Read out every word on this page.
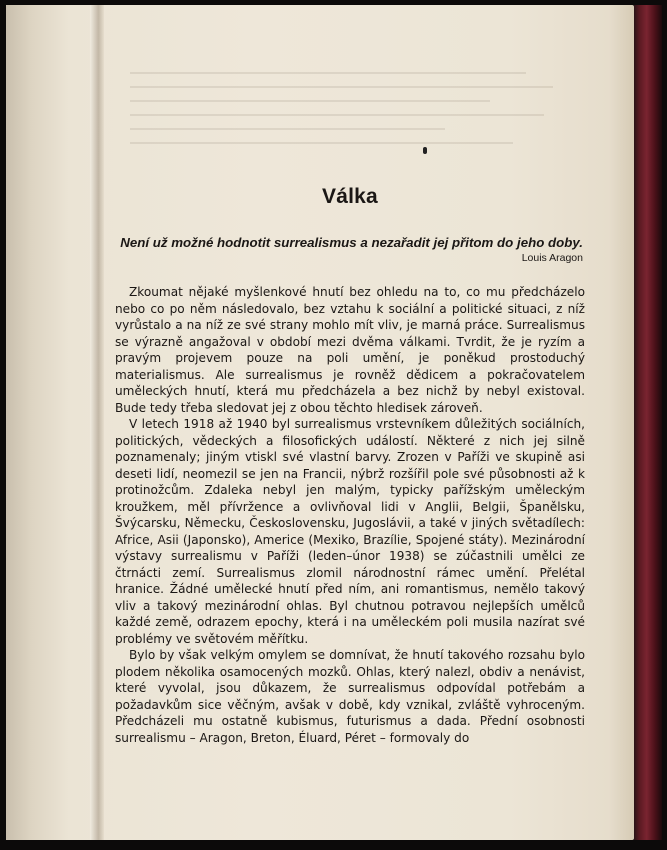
Válka

Není už možné hodnotit surrealismus a nezařadit jej přitom do jeho doby.

Louis Aragon

Zkoumat nějaké myšlenkové hnutí bez ohledu na to, co mu předcházelo nebo co po něm následovalo, bez vztahu k sociální a politické situaci, z níž vyrůstalo a na níž ze své strany mohlo mít vliv, je marná práce. Surrealismus se výrazně angažoval v období mezi dvěma válkami. Tvrdit, že je ryzím a pravým projevem pouze na poli umění, je poněkud prostoduchý materialismus. Ale surrealismus je rovněž dědicem a pokračovatelem uměleckých hnutí, která mu předcházela a bez nichž by nebyl existoval. Bude tedy třeba sledovat jej z obou těchto hledisek zároveň.

V letech 1918 až 1940 byl surrealismus vrstevníkem důležitých sociálních, politických, vědeckých a filosofických událostí. Některé z nich jej silně poznamenaly; jiným vtiskl své vlastní barvy. Zrozen v Paříži ve skupině asi deseti lidí, neomezil se jen na Francii, nýbrž rozšířil pole své působnosti až k protinožcům. Zdaleka nebyl jen malým, typicky pařížským uměleckým kroužkem, měl přívržence a ovlivňoval lidi v Anglii, Belgii, Španělsku, Švýcarsku, Německu, Československu, Jugoslávii, a také v jiných světadílech: Africe, Asii (Japonsko), Americe (Mexiko, Brazílie, Spojené státy). Mezinárodní výstavy surrealismu v Paříži (leden–únor 1938) se zúčastnili umělci ze čtrnácti zemí. Surrealismus zlomil národnostní rámec umění. Přelétal hranice. Žádné umělecké hnutí před ním, ani romantismus, nemělo takový vliv a takový mezinárodní ohlas. Byl chutnou potravou nejlepších umělců každé země, odrazem epochy, která i na uměleckém poli musila nazírat své problémy ve světovém měřítku.

Bylo by však velkým omylem se domnívat, že hnutí takového rozsahu bylo plodem několika osamocených mozků. Ohlas, který nalezl, obdiv a nenávist, které vyvolal, jsou důkazem, že surrealismus odpovídal potřebám a požadavkům sice věčným, avšak v době, kdy vznikal, zvláště vyhroceným. Předcházeli mu ostatně kubismus, futurismus a dada. Přední osobnosti surrealismu – Aragon, Breton, Éluard, Péret – formovaly do
